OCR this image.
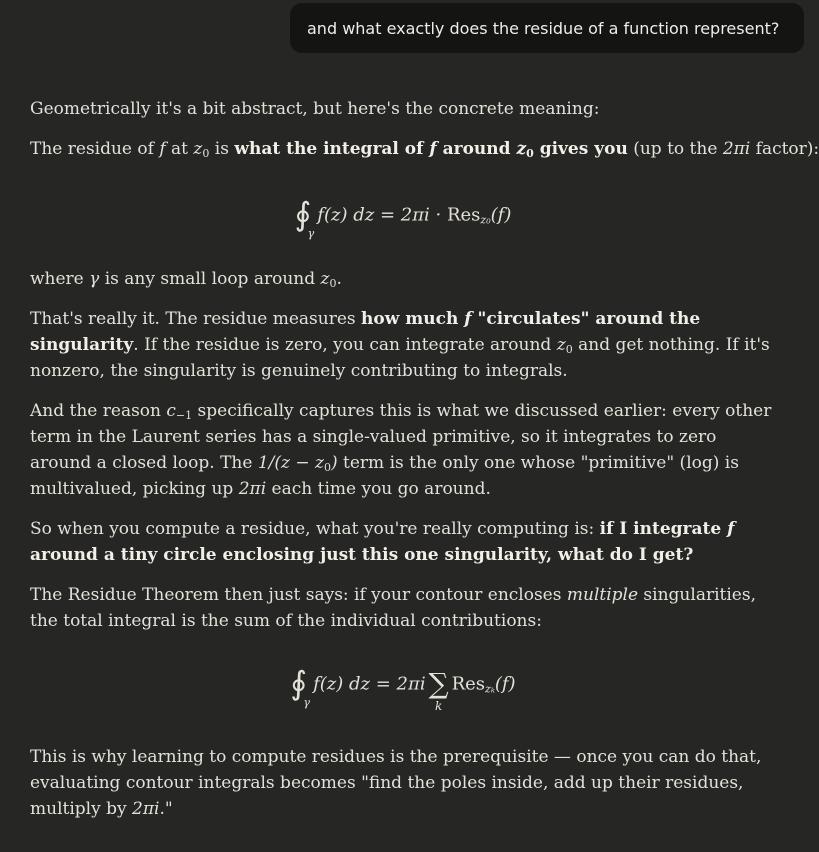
and what exactly does the residue of a function represent?
Geometrically it's a bit abstract, but here's the concrete meaning:
The residue of f at $z_0$ is what the integral of f around $z_0$ gives you (up to the 2πi factor):
∮
γ
f(z) dz = 2πi · Res$_{z_0}$(f)
where γ is any small loop around $z_0$.
That's really it. The residue measures how much f "circulates" around the singularity. If the residue is zero, you can integrate around $z_0$ and get nothing. If it's nonzero, the singularity is genuinely contributing to integrals.
And the reason $c_{-1}$ specifically captures this is what we discussed earlier: every other term in the Laurent series has a single-valued primitive, so it integrates to zero around a closed loop. The $1/(z - z_0)$ term is the only one whose "primitive" (log) is multivalued, picking up 2πi each time you go around.
So when you compute a residue, what you're really computing is: if I integrate f around a tiny circle enclosing just this one singularity, what do I get?
The Residue Theorem then just says: if your contour encloses multiple singularities, the total integral is the sum of the individual contributions:
∮
γ
f(z) dz = 2πi ∑
k
Res$_{z_k}$(f)
This is why learning to compute residues is the prerequisite — once you can do that, evaluating contour integrals becomes "find the poles inside, add up their residues, multiply by 2πi."
